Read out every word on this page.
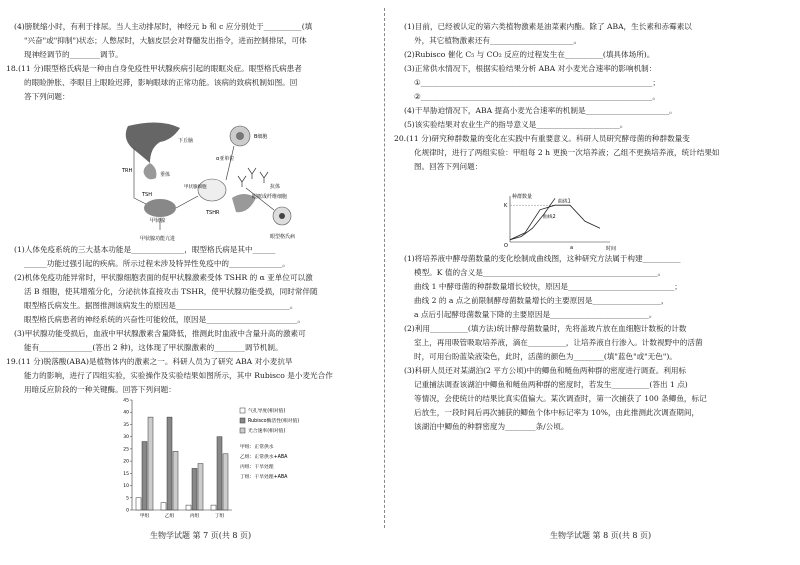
下丘脑
垂体
TRH
TSH
甲状腺
B细胞
α亚单位
抗体
TSHR
甲状腺细胞
眼眶成纤维细胞
眼型格氏病
甲状腺功能亢进
0
5
10
15
20
25
30
35
40
45
甲组	乙组	丙组	丁组
气孔导度(相对值)
Rubisco酶活性(相对值)
光合速率(相对值)
甲组：正常供水
乙组：正常供水+ABA
丙组：干旱处理
丁组：干旱处理+ABA
(4)膀胱缩小时，有利于排尿。当人主动排尿时，神经元 b 和 c 应分别处于__________(填
"兴奋"或"抑制")状态；人憋尿时，大脑皮层会对脊髓发出指令，进而控制排尿，可体
现神经调节的________调节。
18.(11 分)眼型格氏病是一种由自身免疫性甲状腺疾病引起的眼眶炎症。眼型格氏病患者
的眼睑肿胀、李眼目上眼睑迟滞，影响眼球的正常功能。该病的致病机制如图。回
答下列问题：
(1)人体免疫系统的三大基本功能是______________，眼型格氏病是其中______
______功能过强引起的疾病。所示过程未涉及特异性免疫中的______________。
(2)机体免疫功能异常时，甲状腺细胞表面的促甲状腺激素受体 TSHR 的 α 亚单位可以激
活 B 细胞，使其增殖分化，分泌抗体直接攻击 TSHR，使甲状腺功能受损，同时常伴随
眼型格氏病发生。据图推测该病发生的原因是______________________________。
眼型格氏病患者的神经系统的兴奋性可能较低，原因是________________________。
(3)甲状腺功能受损后，血液中甲状腺激素含量降低，推测此时血液中含量升高的激素可
能有______________(答出 2 种)，这体现了甲状腺激素的________调节机制。
19.(11 分)脱落酸(ABA)是植物体内的激素之一。科研人员为了研究 ABA 对小麦抗旱
能力的影响，进行了四组实验，实验操作及实验结果如图所示，其中 Rubisco 是小麦光合作
用暗反应阶段的一种关键酶。回答下列问题：
生物学试题 第 7 页(共 8 页)
种群数量
时间
K
O
曲线1
曲线2
a
(1)目前，已经被认定的第六类植物激素是油菜素内酯。除了 ABA，生长素和赤霉素以
外，其它植物激素还有______________________。
(2)Rubisco 催化 C₅ 与 CO₂ 反应的过程发生在__________(填具体场所)。
(3)正常供水情况下，根据实验结果分析 ABA 对小麦光合速率的影响机制：
①_____________________________________________________________；
②_____________________________________________________________。
(4)干旱胁迫情况下，ABA 提高小麦光合速率的机制是______________________。
(5)该实验结果对农业生产的指导意义是______________________。
20.(11 分)研究种群数量的变化在实践中有重要意义。科研人员研究酵母菌的种群数量变
化规律时，进行了两组实验：甲组每 2 h 更换一次培养液；乙组不更换培养液，统计结果如
图。回答下列问题：
(1)将培养液中酵母菌数量的变化绘制成曲线图，这种研究方法属于构建__________
模型。K 值的含义是______________________________________________。
曲线 1 中酵母菌的种群数量增长较快，原因是____________________________；
曲线 2 的 a 点之前限制酵母菌数量增长的主要原因是__________________，
a 点后引起酵母菌数量下降的主要原因是__________________________。
(2)利用__________(填方法)统计酵母菌数量时，先将盖玻片放在血细胞计数板的计数
室上，再用吸管吸取培养液，滴在__________，让培养液自行渗入。计数视野中的活菌
时，可用台盼蓝染液染色，此时，活菌的颜色为________(填"蓝色"或"无色")。
(3)科研人员还对某湖泊(2 平方公顷)中的鲫鱼和鲢鱼两种群的密度进行调查。利用标
记重捕法调查该湖泊中鲫鱼和鲢鱼两种群的密度时，若发生__________(答出 1 点)
等情况，会使统计的结果比真实值偏大。某次调查时，第一次捕获了 100 条鲫鱼，标记
后放生，一段时间后再次捕获的鲫鱼个体中标记率为 10%，由此推测此次调查期间，
该湖泊中鲫鱼的种群密度为________条/公顷。
生物学试题 第 8 页(共 8 页)
